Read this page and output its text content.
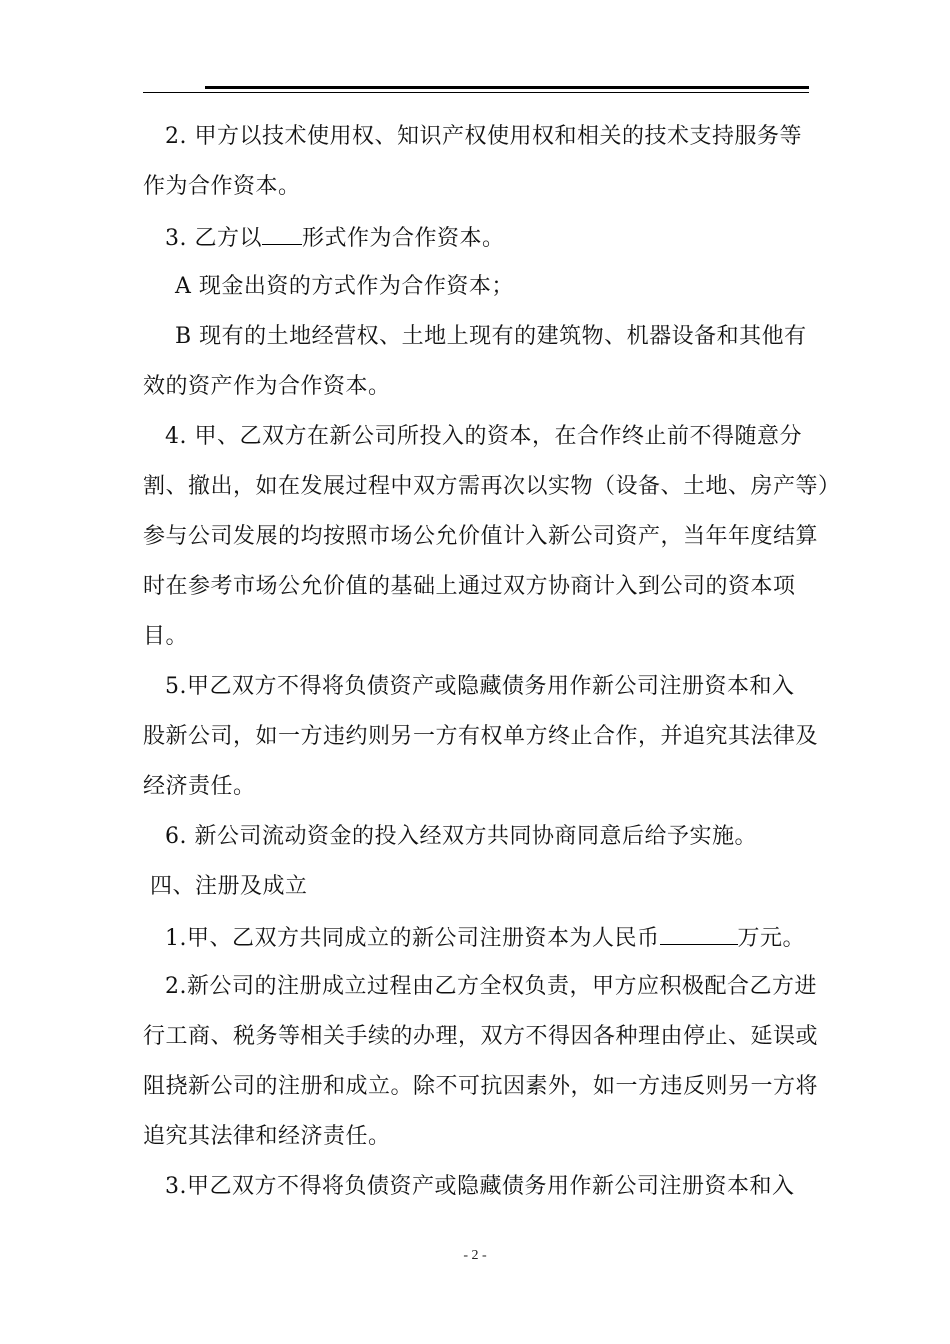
2. 甲方以技术使用权、知识产权使用权和相关的技术支持服务等
作为合作资本。
3. 乙方以 形式作为合作资本。
A 现金出资的方式作为合作资本；
B 现有的土地经营权、土地上现有的建筑物、机器设备和其他有
效的资产作为合作资本。
4. 甲、乙双方在新公司所投入的资本，在合作终止前不得随意分
割、撤出，如在发展过程中双方需再次以实物（设备、土地、房产等）
参与公司发展的均按照市场公允价值计入新公司资产，当年年度结算
时在参考市场公允价值的基础上通过双方协商计入到公司的资本项
目。
5.甲乙双方不得将负债资产或隐藏债务用作新公司注册资本和入
股新公司，如一方违约则另一方有权单方终止合作，并追究其法律及
经济责任。
6. 新公司流动资金的投入经双方共同协商同意后给予实施。
四、注册及成立
1.甲、乙双方共同成立的新公司注册资本为人民币	万元。
2.新公司的注册成立过程由乙方全权负责，甲方应积极配合乙方进
行工商、税务等相关手续的办理，双方不得因各种理由停止、延误或
阻挠新公司的注册和成立。除不可抗因素外，如一方违反则另一方将
追究其法律和经济责任。
3.甲乙双方不得将负债资产或隐藏债务用作新公司注册资本和入
- 2 -
